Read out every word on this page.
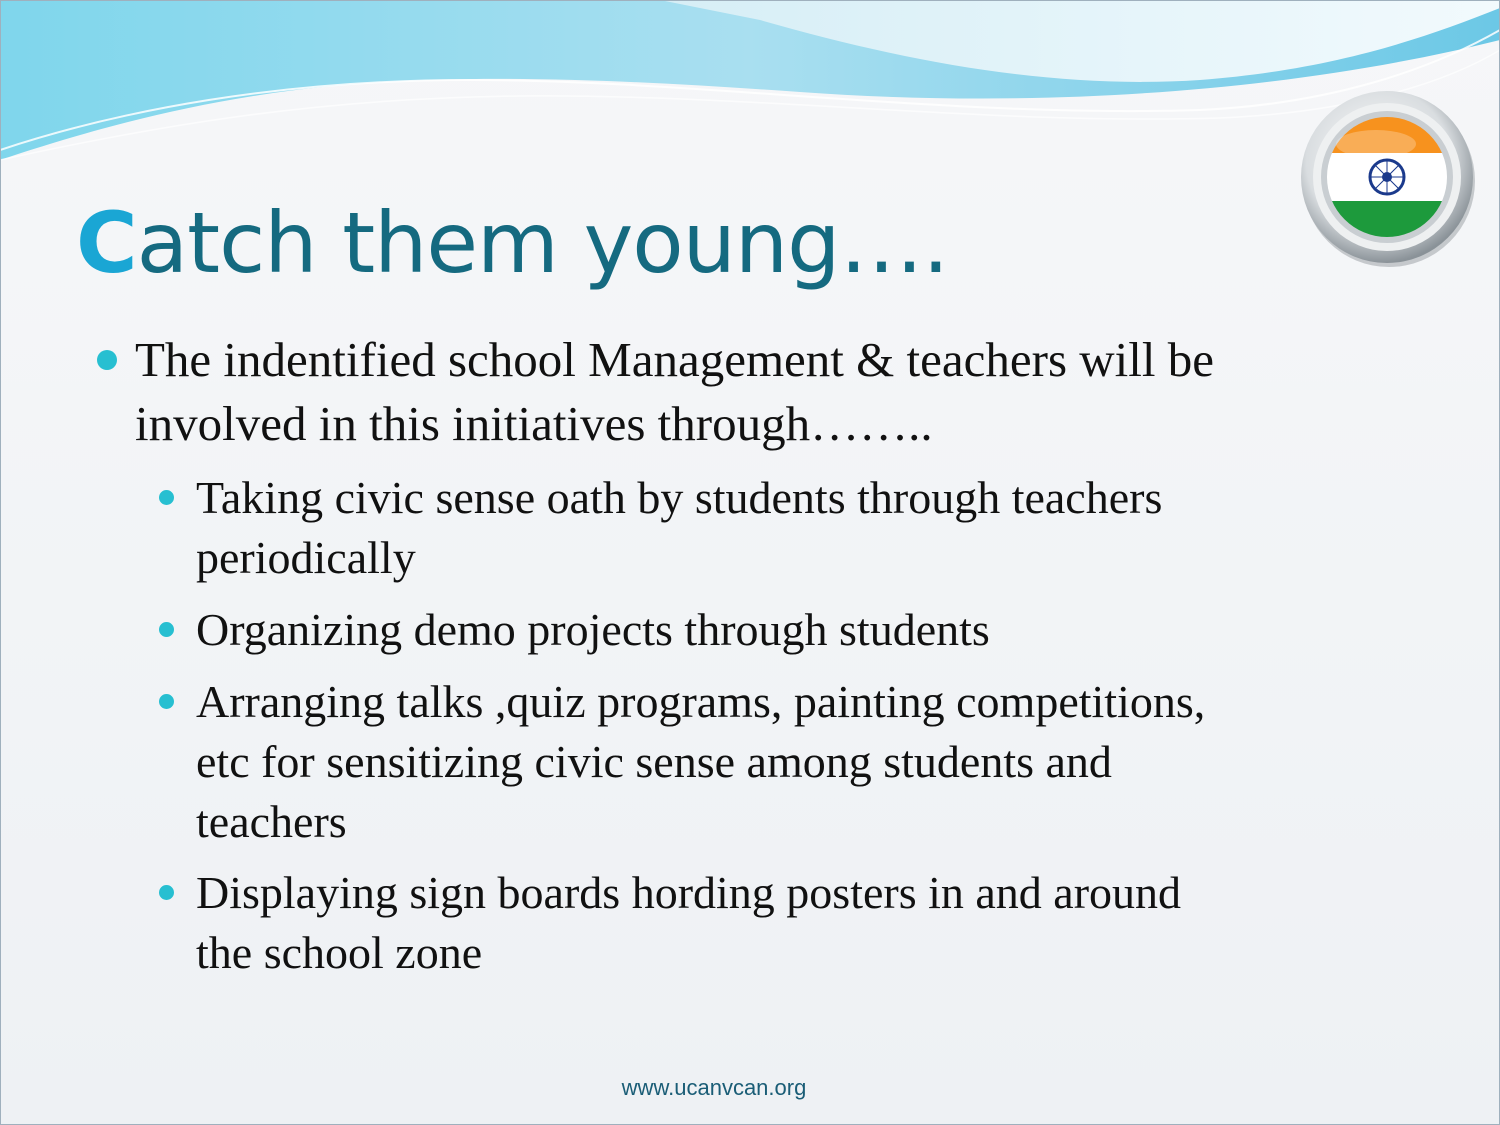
Catch them young….
The indentified school Management & teachers will be
involved in this initiatives through……..
Taking civic sense oath by students through teachers
periodically
Organizing demo projects through students
Arranging talks ,quiz programs, painting competitions,
etc for sensitizing civic sense among students and
teachers
Displaying sign boards hording posters in and around
the school zone
www.ucanvcan.org
